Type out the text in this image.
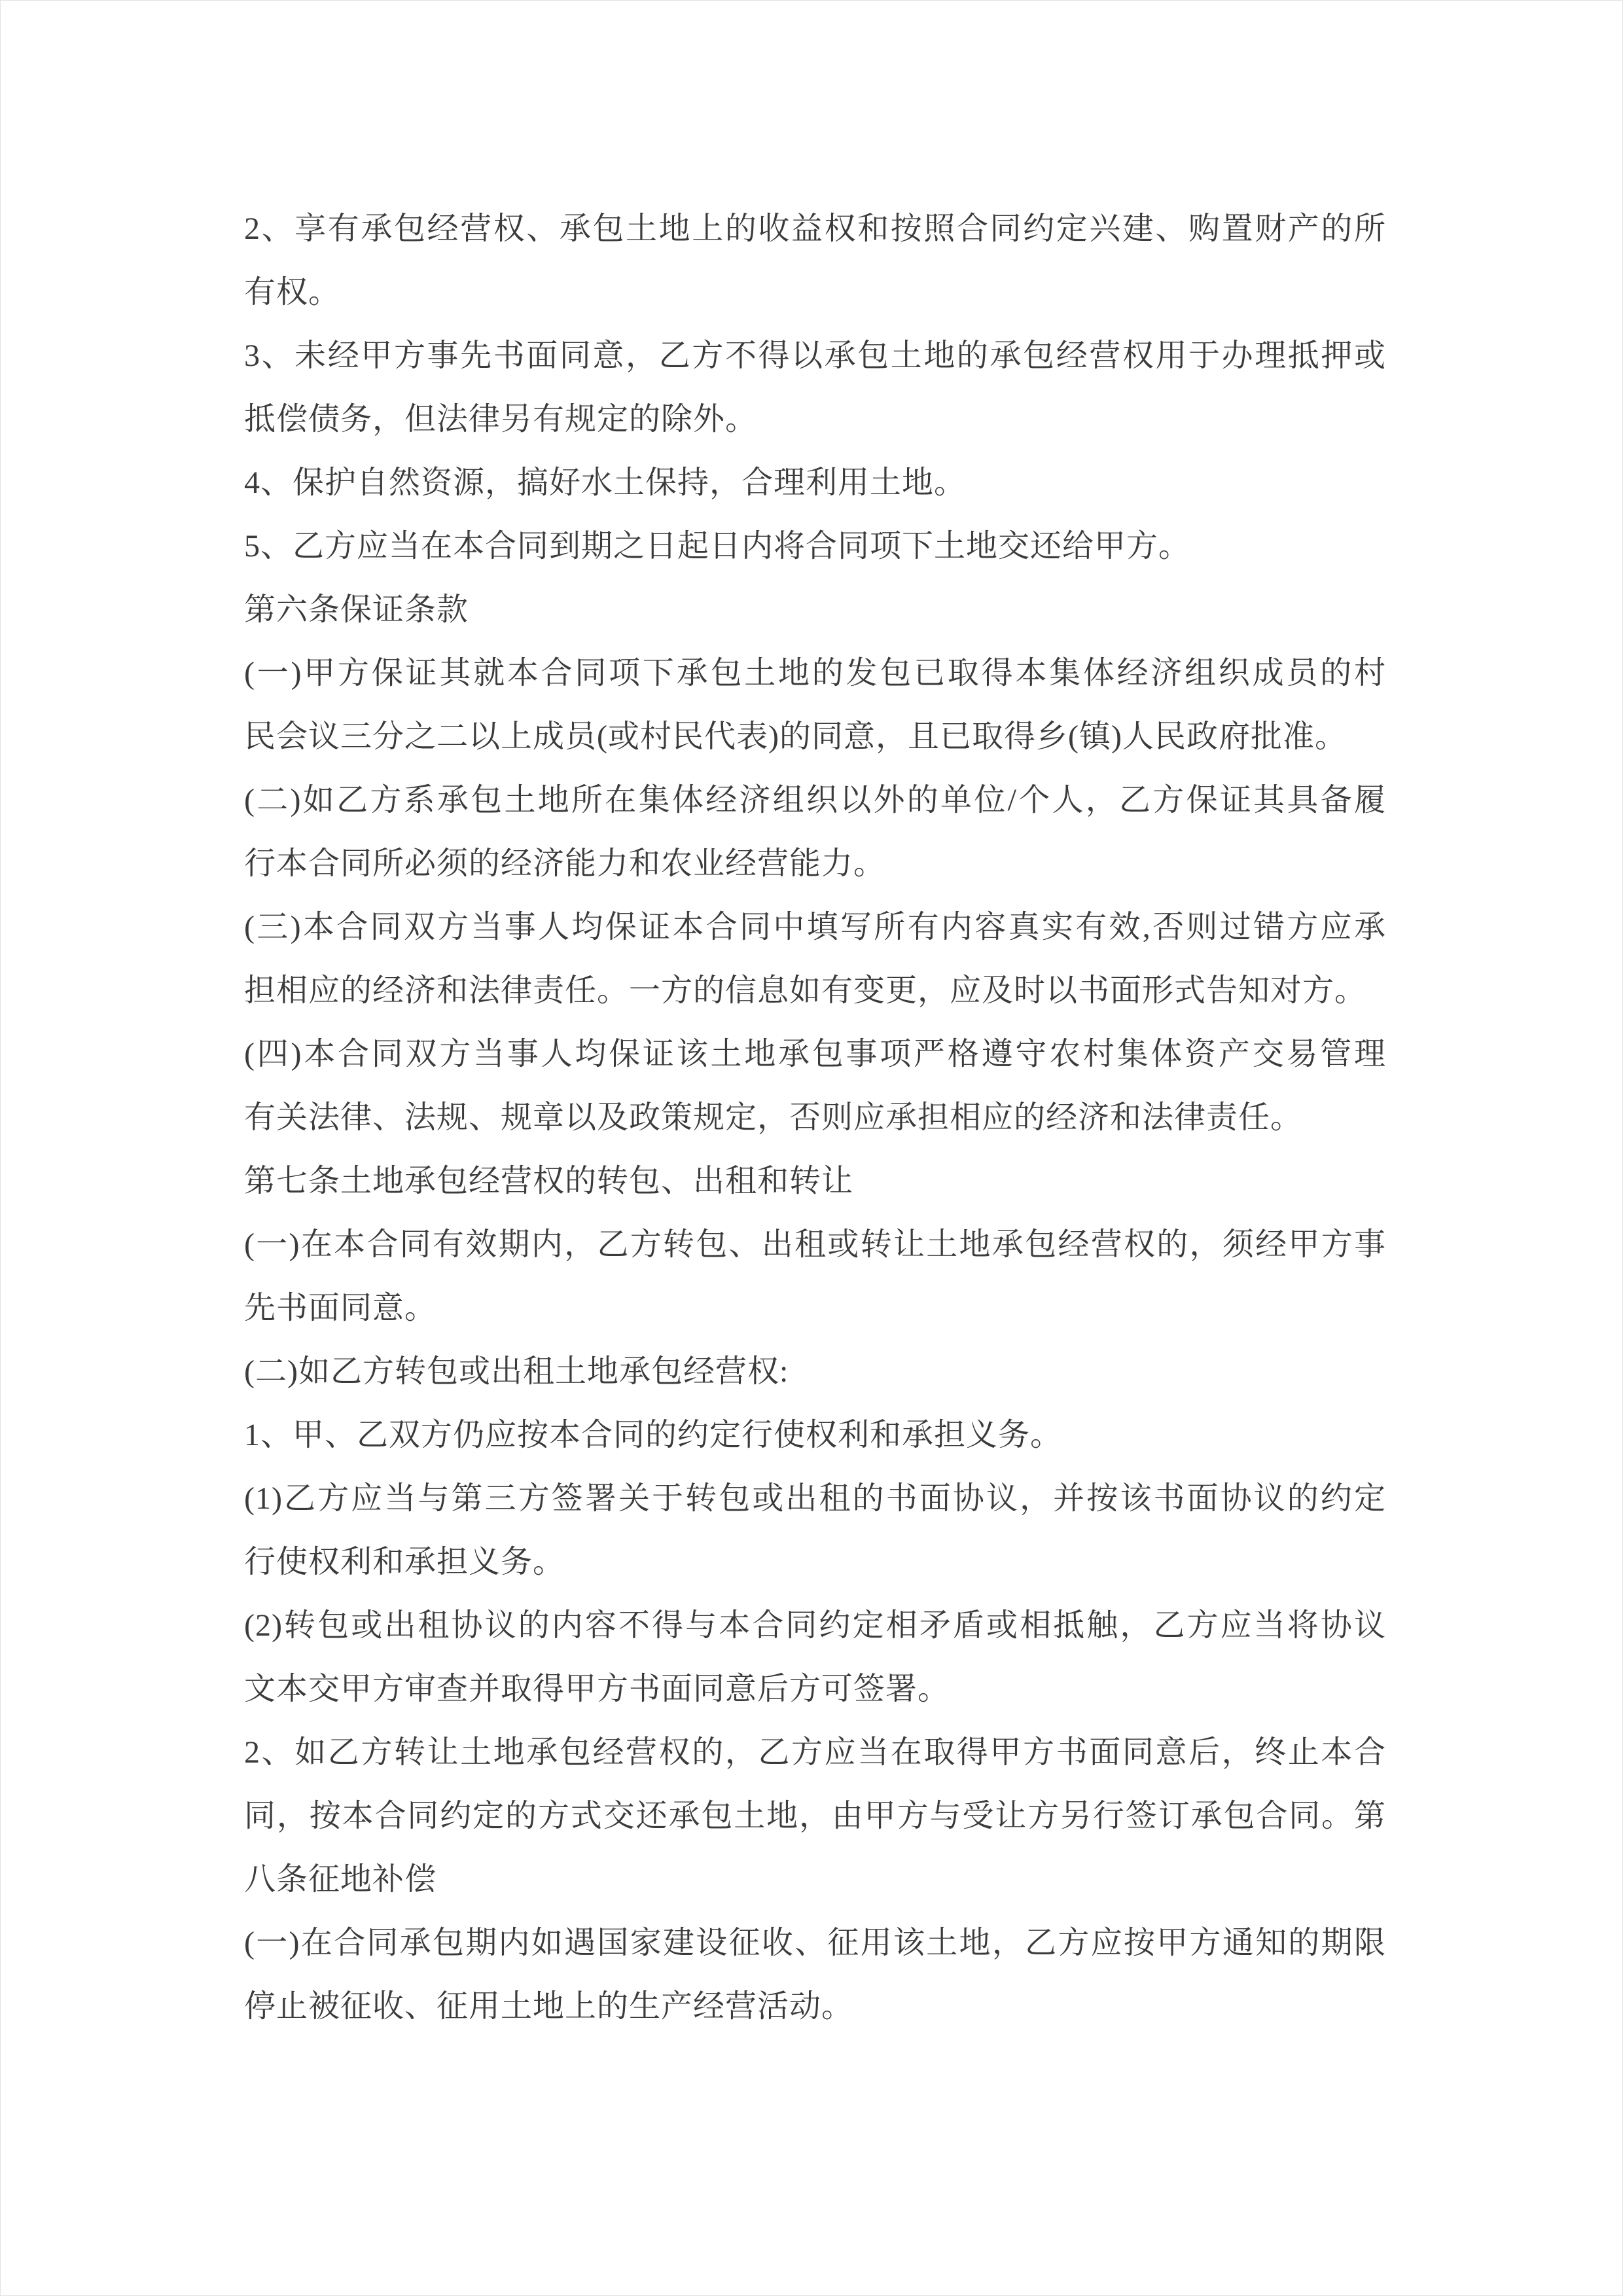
2、享有承包经营权、承包土地上的收益权和按照合同约定兴建、购置财产的所
有权。
3、未经甲方事先书面同意，乙方不得以承包土地的承包经营权用于办理抵押或
抵偿债务，但法律另有规定的除外。
4、保护自然资源，搞好水土保持，合理利用土地。
5、乙方应当在本合同到期之日起日内将合同项下土地交还给甲方。
第六条保证条款
(一)甲方保证其就本合同项下承包土地的发包已取得本集体经济组织成员的村
民会议三分之二以上成员(或村民代表)的同意，且已取得乡(镇)人民政府批准。
(二)如乙方系承包土地所在集体经济组织以外的单位/个人，乙方保证其具备履
行本合同所必须的经济能力和农业经营能力。
(三)本合同双方当事人均保证本合同中填写所有内容真实有效,否则过错方应承
担相应的经济和法律责任。一方的信息如有变更，应及时以书面形式告知对方。
(四)本合同双方当事人均保证该土地承包事项严格遵守农村集体资产交易管理
有关法律、法规、规章以及政策规定，否则应承担相应的经济和法律责任。
第七条土地承包经营权的转包、出租和转让
(一)在本合同有效期内，乙方转包、出租或转让土地承包经营权的，须经甲方事
先书面同意。
(二)如乙方转包或出租土地承包经营权:
1、甲、乙双方仍应按本合同的约定行使权利和承担义务。
(1)乙方应当与第三方签署关于转包或出租的书面协议，并按该书面协议的约定
行使权利和承担义务。
(2)转包或出租协议的内容不得与本合同约定相矛盾或相抵触，乙方应当将协议
文本交甲方审查并取得甲方书面同意后方可签署。
2、如乙方转让土地承包经营权的，乙方应当在取得甲方书面同意后，终止本合
同，按本合同约定的方式交还承包土地，由甲方与受让方另行签订承包合同。第
八条征地补偿
(一)在合同承包期内如遇国家建设征收、征用该土地，乙方应按甲方通知的期限
停止被征收、征用土地上的生产经营活动。
